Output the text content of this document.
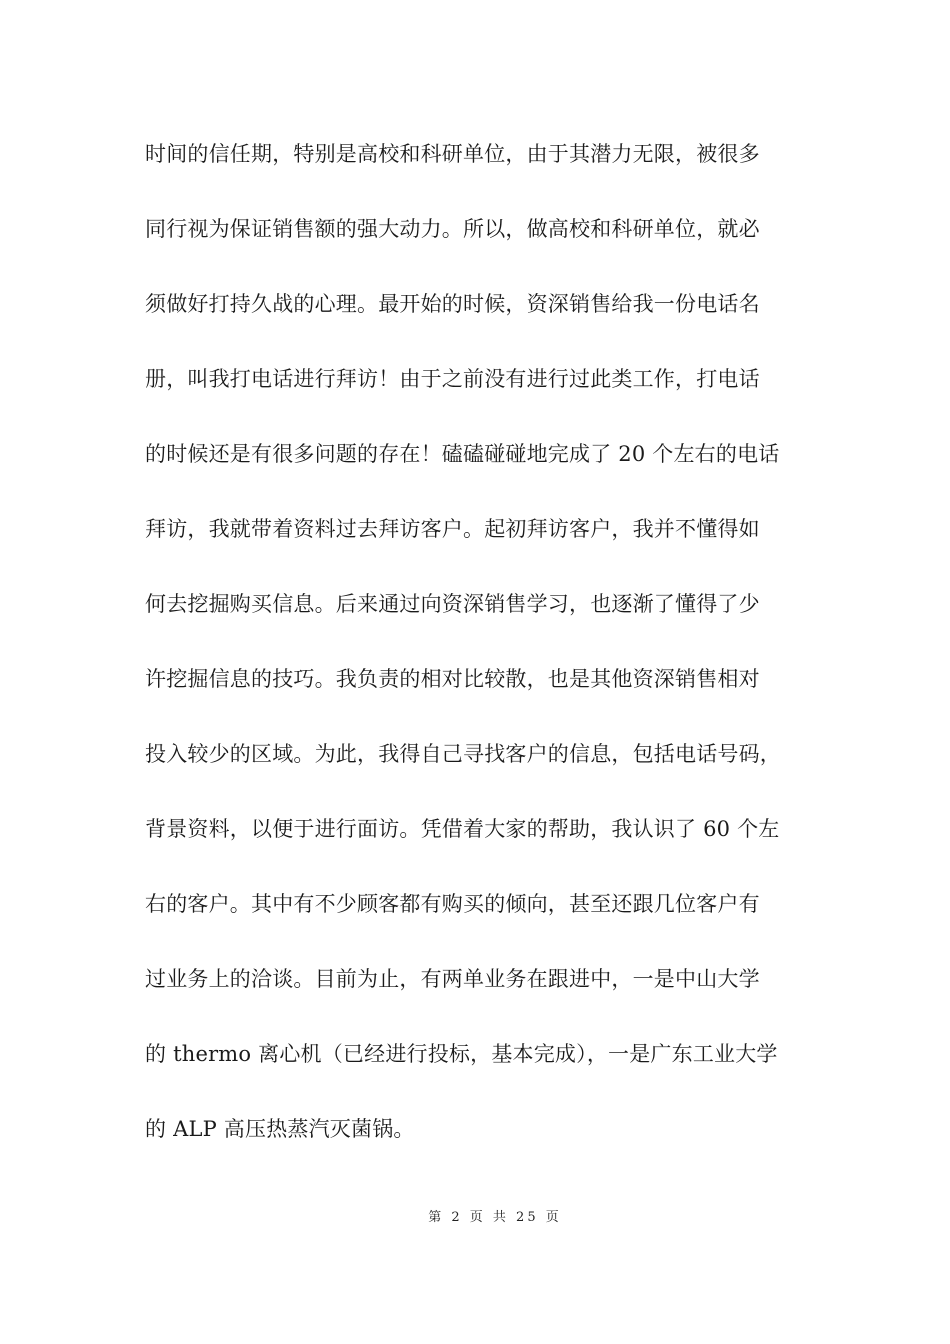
时间的信任期，特别是高校和科研单位，由于其潜力无限，被很多
同行视为保证销售额的强大动力。所以，做高校和科研单位，就必
须做好打持久战的心理。最开始的时候，资深销售给我一份电话名
册，叫我打电话进行拜访！由于之前没有进行过此类工作，打电话
的时候还是有很多问题的存在！磕磕碰碰地完成了 20 个左右的电话
拜访，我就带着资料过去拜访客户。起初拜访客户，我并不懂得如
何去挖掘购买信息。后来通过向资深销售学习，也逐渐了懂得了少
许挖掘信息的技巧。我负责的相对比较散，也是其他资深销售相对
投入较少的区域。为此，我得自己寻找客户的信息，包括电话号码，
背景资料，以便于进行面访。凭借着大家的帮助，我认识了 60 个左
右的客户。其中有不少顾客都有购买的倾向，甚至还跟几位客户有
过业务上的洽谈。目前为止，有两单业务在跟进中，一是中山大学
的 thermo 离心机（已经进行投标，基本完成），一是广东工业大学
的 ALP 高压热蒸汽灭菌锅。
第 2 页 共 25 页
